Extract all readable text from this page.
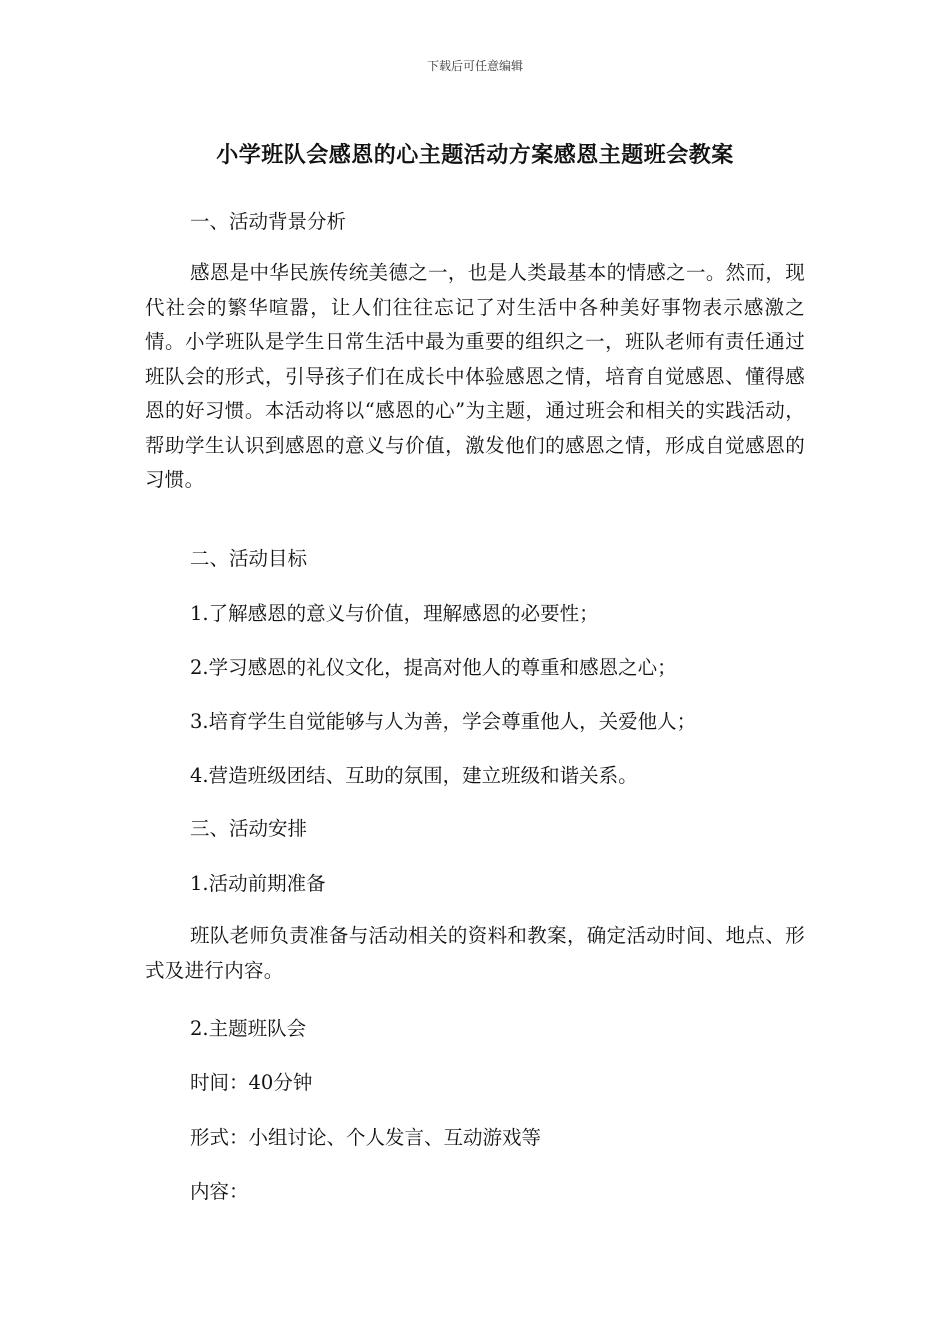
下载后可任意编辑
小学班队会感恩的心主题活动方案感恩主题班会教案
一、活动背景分析
感恩是中华民族传统美德之一，也是人类最基本的情感之一。然而，现代社会的繁华喧嚣，让人们往往忘记了对生活中各种美好事物表示感激之情。小学班队是学生日常生活中最为重要的组织之一，班队老师有责任通过班队会的形式，引导孩子们在成长中体验感恩之情，培育自觉感恩、懂得感恩的好习惯。本活动将以“感恩的心”为主题，通过班会和相关的实践活动，帮助学生认识到感恩的意义与价值，激发他们的感恩之情，形成自觉感恩的习惯。
二、活动目标
1.了解感恩的意义与价值，理解感恩的必要性；
2.学习感恩的礼仪文化，提高对他人的尊重和感恩之心；
3.培育学生自觉能够与人为善，学会尊重他人，关爱他人；
4.营造班级团结、互助的氛围，建立班级和谐关系。
三、活动安排
1.活动前期准备
班队老师负责准备与活动相关的资料和教案，确定活动时间、地点、形式及进行内容。
2.主题班队会
时间：40分钟
形式：小组讨论、个人发言、互动游戏等
内容：
